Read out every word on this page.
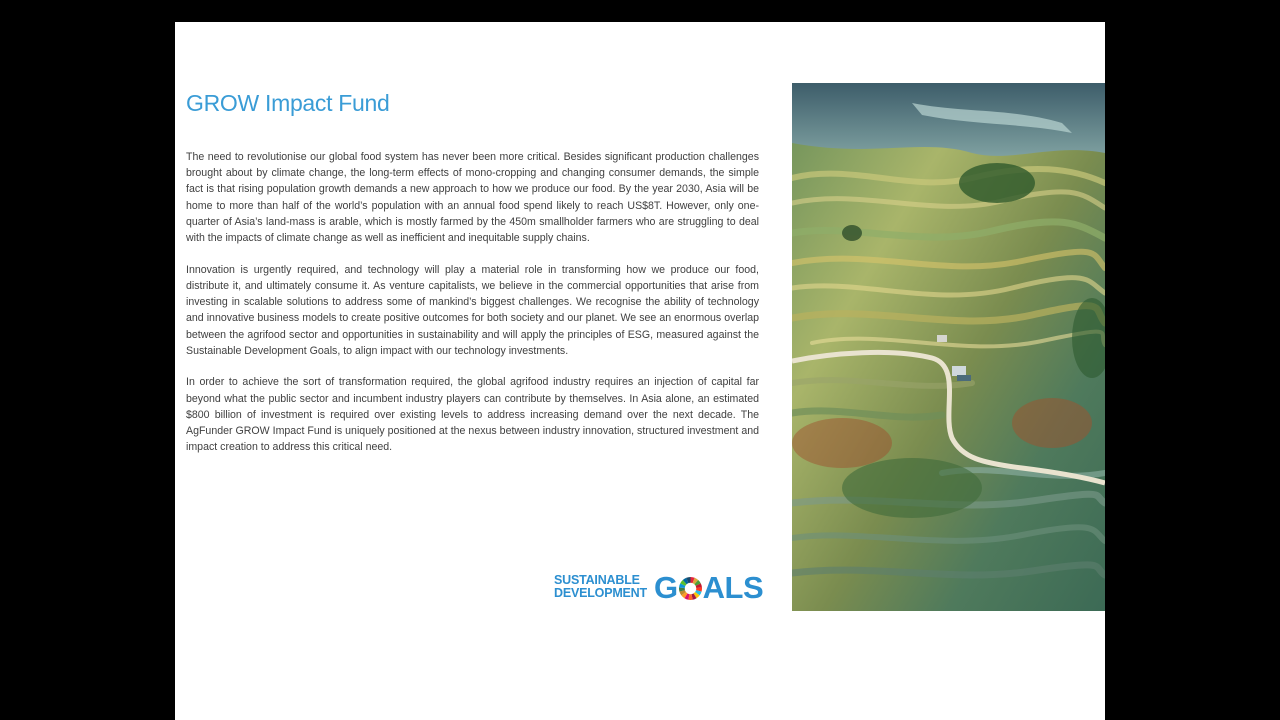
GROW Impact Fund

The need to revolutionise our global food system has never been more critical. Besides significant production challenges brought about by climate change, the long-term effects of mono-cropping and changing consumer demands, the simple fact is that rising population growth demands a new approach to how we produce our food. By the year 2030, Asia will be home to more than half of the world’s population with an annual food spend likely to reach US$8T. However, only one-quarter of Asia’s land-mass is arable, which is mostly farmed by the 450m smallholder farmers who are struggling to deal with the impacts of climate change as well as inefficient and inequitable supply chains.

Innovation is urgently required, and technology will play a material role in transforming how we produce our food, distribute it, and ultimately consume it. As venture capitalists, we believe in the commercial opportunities that arise from investing in scalable solutions to address some of mankind’s biggest challenges. We recognise the ability of technology and innovative business models to create positive outcomes for both society and our planet. We see an enormous overlap between the agrifood sector and opportunities in sustainability and will apply the principles of ESG, measured against the Sustainable Development Goals, to align impact with our technology investments.

In order to achieve the sort of transformation required, the global agrifood industry requires an injection of capital far beyond what the public sector and incumbent industry players can contribute by themselves. In Asia alone, an estimated $800 billion of investment is required over existing levels to address increasing demand over the next decade. The AgFunder GROW Impact Fund is uniquely positioned at the nexus between industry innovation, structured investment and impact creation to address this critical need.

SUSTAINABLE
DEVELOPMENT G ALS
